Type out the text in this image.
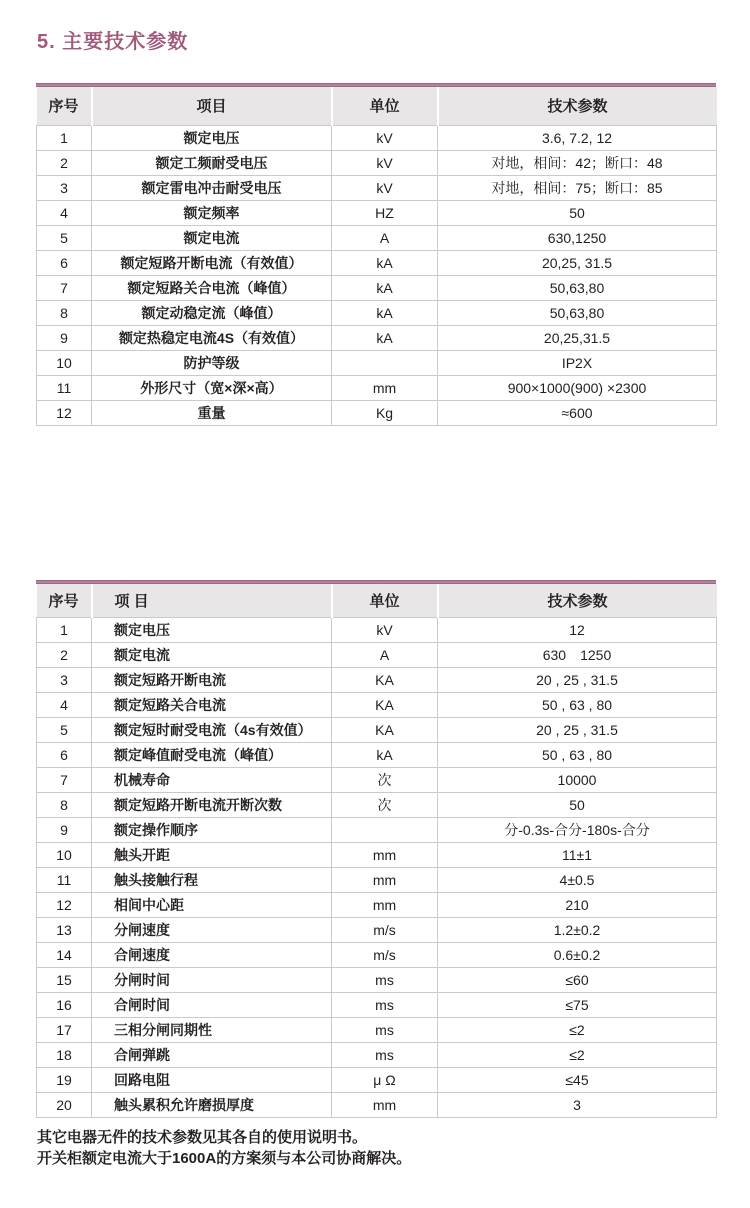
5. 主要技术参数
序号	项目	单位	技术参数
1	额定电压	kV	3.6, 7.2, 12
2	额定工频耐受电压	kV	对地，相间：42；断口：48
3	额定雷电冲击耐受电压	kV	对地，相间：75；断口：85
4	额定频率	HZ	50
5	额定电流	A	630,1250
6	额定短路开断电流（有效值）	kA	20,25, 31.5
7	额定短路关合电流（峰值）	kA	50,63,80
8	额定动稳定流（峰值）	kA	50,63,80
9	额定热稳定电流4S（有效值）	kA	20,25,31.5
10	防护等级		IP2X
11	外形尺寸（宽×深×高）	mm	900×1000(900) ×2300
12	重量	Kg	≈600
序号	项 目	单位	技术参数
1	额定电压	kV	12
2	额定电流	A	630　1250
3	额定短路开断电流	KA	20 , 25 , 31.5
4	额定短路关合电流	KA	50 , 63 , 80
5	额定短时耐受电流（4s有效值）	KA	20 , 25 , 31.5
6	额定峰值耐受电流（峰值）	kA	50 , 63 , 80
7	机械寿命	次	10000
8	额定短路开断电流开断次数	次	50
9	额定操作顺序		分-0.3s-合分-180s-合分
10	触头开距	mm	11±1
11	触头接触行程	mm	4±0.5
12	相间中心距	mm	210
13	分闸速度	m/s	1.2±0.2
14	合闸速度	m/s	0.6±0.2
15	分闸时间	ms	≤60
16	合闸时间	ms	≤75
17	三相分闸同期性	ms	≤2
18	合闸弹跳	ms	≤2
19	回路电阻	μ Ω	≤45
20	触头累积允许磨损厚度	mm	3
其它电器无件的技术参数见其各自的使用说明书。
开关柜额定电流大于1600A的方案须与本公司协商解决。
